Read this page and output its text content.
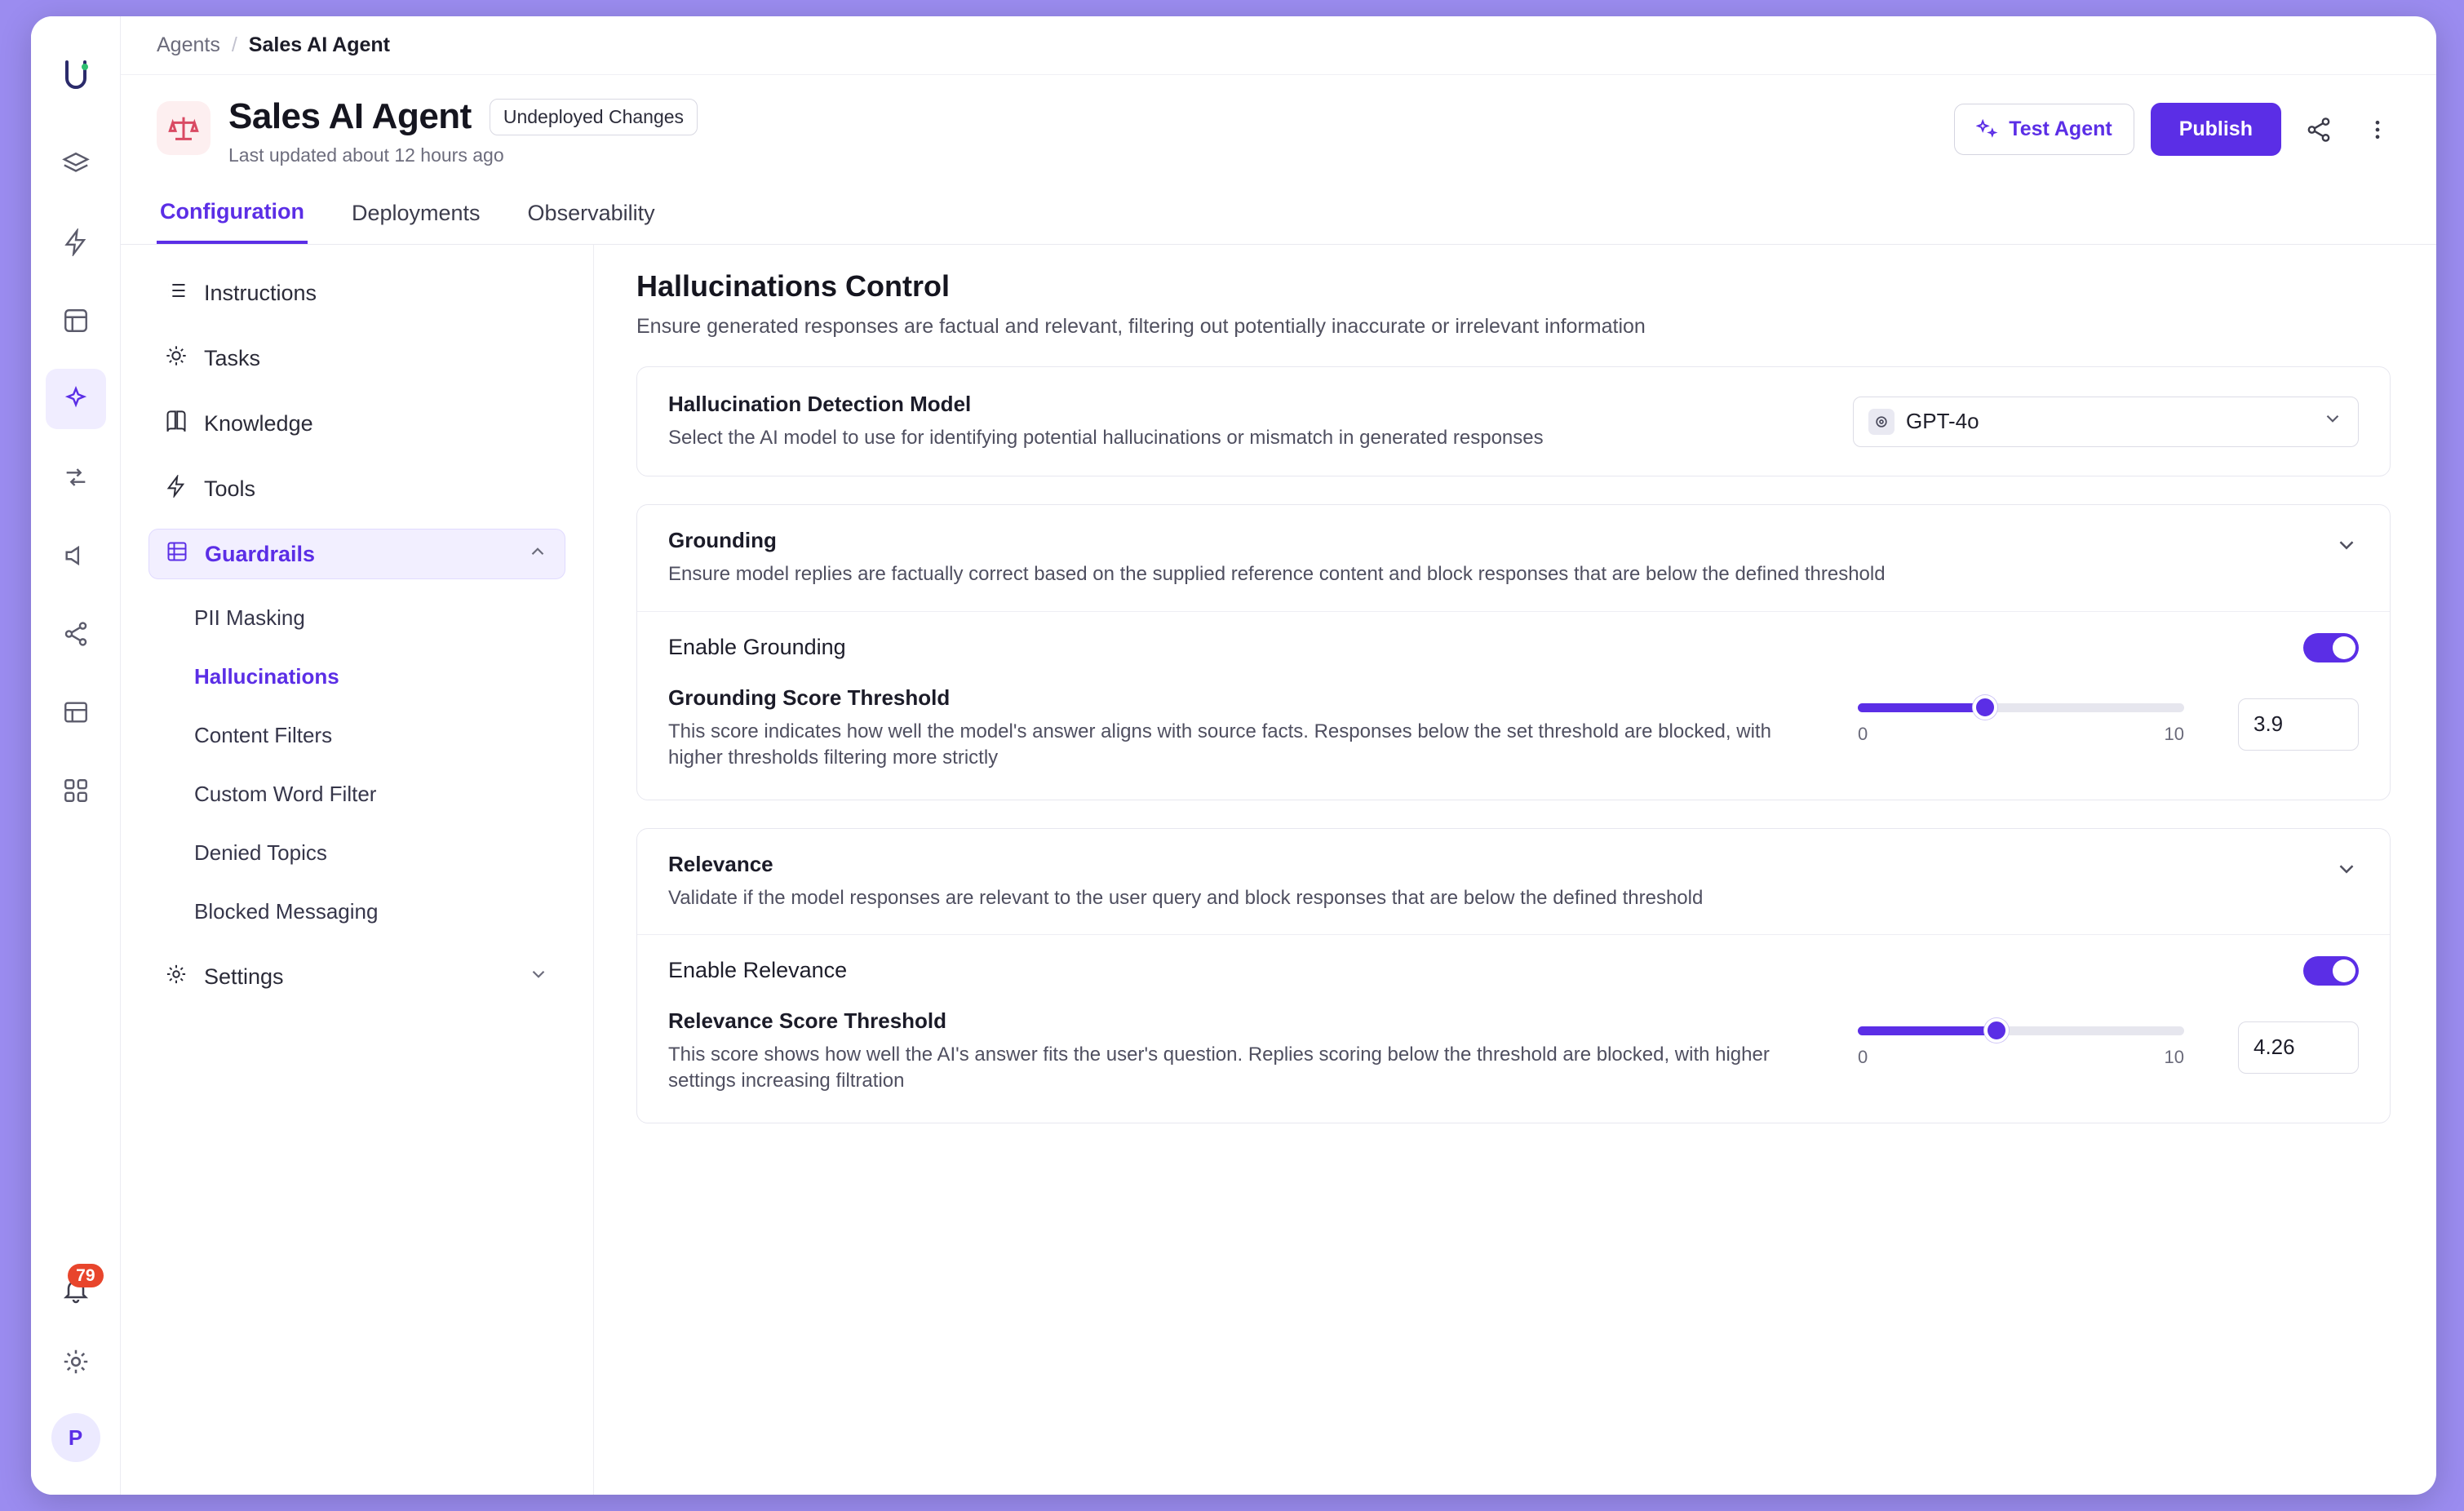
79
P
Agents / Sales AI Agent
Sales AI Agent	Undeployed Changes
Last updated about 12 hours ago
Test Agent	Publish
Configuration Deployments Observability
Instructions
Tasks
Knowledge
Tools
Guardrails
PII Masking
Hallucinations
Content Filters
Custom Word Filter
Denied Topics
Blocked Messaging
Settings
Hallucinations Control
Ensure generated responses are factual and relevant, filtering out potentially inaccurate or irrelevant information
Hallucination Detection Model
Select the AI model to use for identifying potential hallucinations or mismatch in generated responses
GPT-4o
Grounding
Ensure model replies are factually correct based on the supplied reference content and block responses that are below the defined threshold
Enable Grounding
Grounding Score Threshold
This score indicates how well the model's answer aligns with source facts. Responses below the set threshold are blocked, with higher thresholds filtering more strictly
0	10	3.9
Relevance
Validate if the model responses are relevant to the user query and block responses that are below the defined threshold
Enable Relevance
Relevance Score Threshold
This score shows how well the AI's answer fits the user's question. Replies scoring below the threshold are blocked, with higher settings increasing filtration
0	10	4.26
